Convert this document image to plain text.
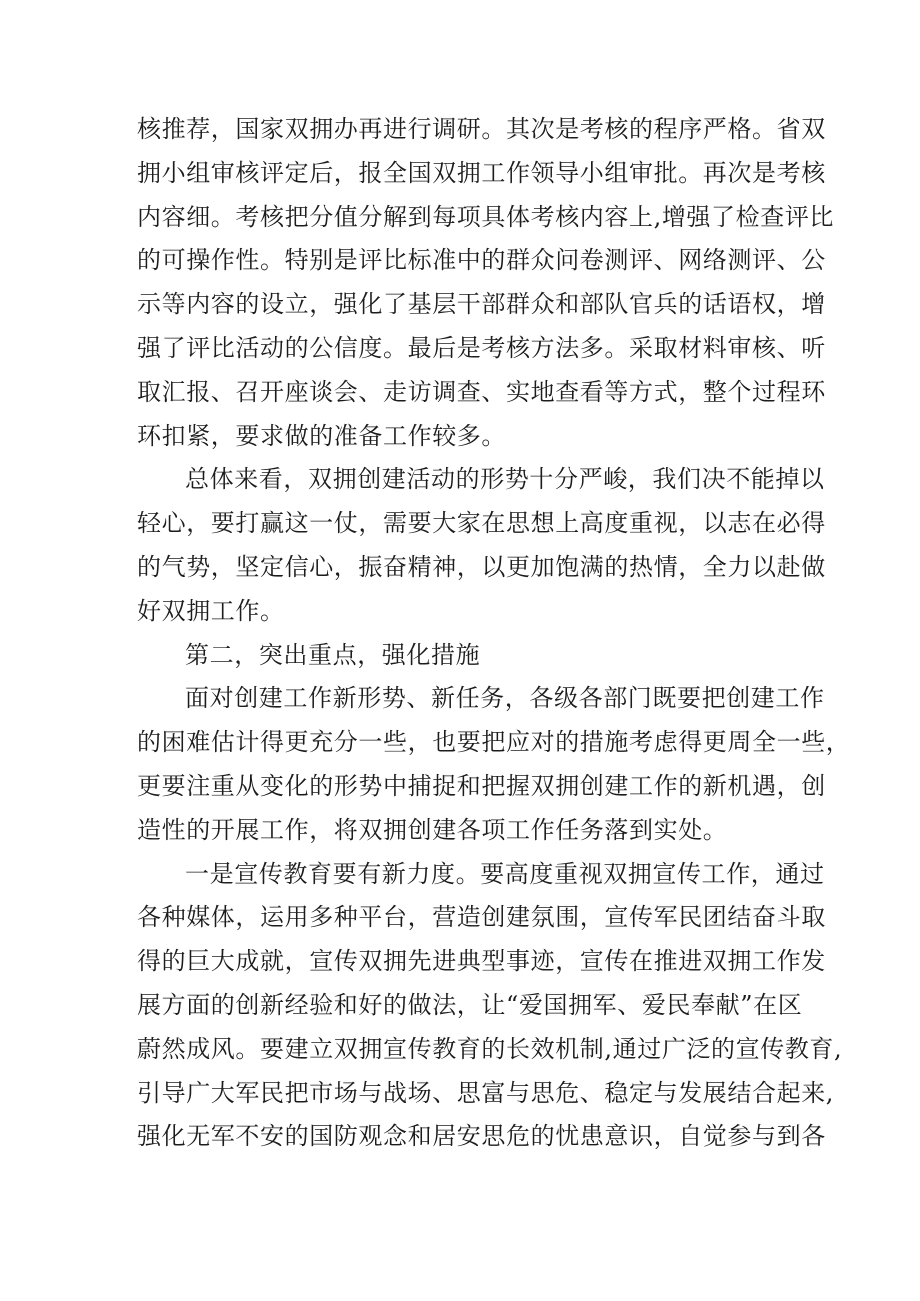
核推荐，国家双拥办再进行调研。其次是考核的程序严格。省双
拥小组审核评定后，报全国双拥工作领导小组审批。再次是考核
内容细。考核把分值分解到每项具体考核内容上,增强了检查评比
的可操作性。特别是评比标准中的群众问卷测评、网络测评、公
示等内容的设立，强化了基层干部群众和部队官兵的话语权，增
强了评比活动的公信度。最后是考核方法多。采取材料审核、听
取汇报、召开座谈会、走访调查、实地查看等方式，整个过程环
环扣紧，要求做的准备工作较多。
总体来看，双拥创建活动的形势十分严峻，我们决不能掉以
轻心，要打赢这一仗，需要大家在思想上高度重视，以志在必得
的气势，坚定信心，振奋精神，以更加饱满的热情，全力以赴做
好双拥工作。
第二，突出重点，强化措施
面对创建工作新形势、新任务，各级各部门既要把创建工作
的困难估计得更充分一些，也要把应对的措施考虑得更周全一些，
更要注重从变化的形势中捕捉和把握双拥创建工作的新机遇，创
造性的开展工作，将双拥创建各项工作任务落到实处。
一是宣传教育要有新力度。要高度重视双拥宣传工作，通过
各种媒体，运用多种平台，营造创建氛围，宣传军民团结奋斗取
得的巨大成就，宣传双拥先进典型事迹，宣传在推进双拥工作发
展方面的创新经验和好的做法，让“爱国拥军、爱民奉献”在区
蔚然成风。要建立双拥宣传教育的长效机制,通过广泛的宣传教育,
引导广大军民把市场与战场、思富与思危、稳定与发展结合起来,
强化无军不安的国防观念和居安思危的忧患意识，自觉参与到各
